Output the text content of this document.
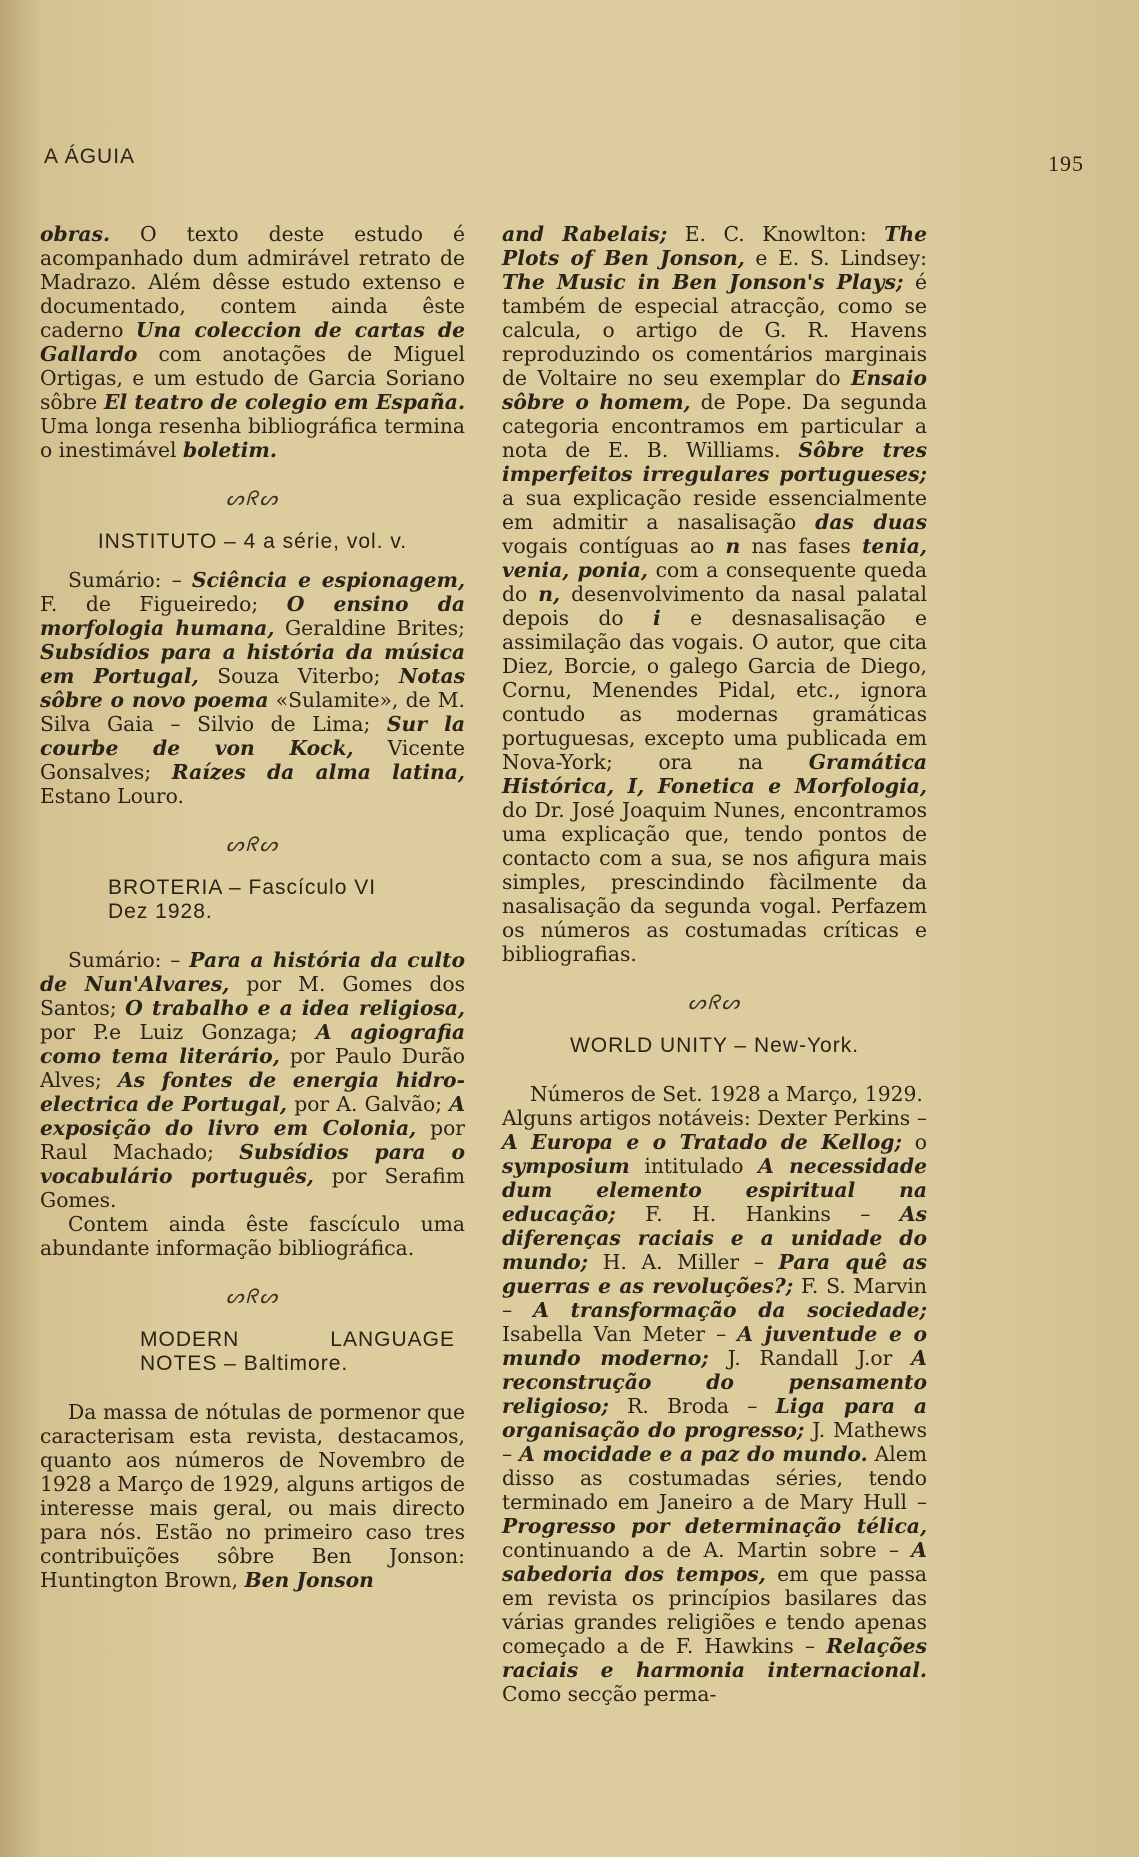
A ÁGUIA	195

obras. O texto deste estudo é acompanhado dum admirável retrato de Madrazo. Além dêsse estudo extenso e documentado, contem ainda êste caderno Una coleccion de cartas de Gallardo com anotações de Miguel Ortigas, e um estudo de Garcia Soriano sôbre El teatro de colegio em España. Uma longa resenha bibliográfica termina o inestimável boletim.

ᔕᖇᔕ
INSTITUTO – 4 a série, vol. v.

Sumário: – Sciência e espionagem, F. de Figueiredo; O ensino da morfologia humana, Geraldine Brites; Subsídios para a história da música em Portugal, Souza Viterbo; Notas sôbre o novo poema «Sulamite», de M. Silva Gaia – Silvio de Lima; Sur la courbe de von Kock, Vicente Gonsalves; Raízes da alma latina, Estano Louro.

ᔕᖇᔕ
BROTERIA – Fascículo VI
Dez 1928.

Sumário: – Para a história da culto de Nun'Alvares, por M. Gomes dos Santos; O trabalho e a idea religiosa, por P.e Luiz Gonzaga; A agiografia como tema literário, por Paulo Durão Alves; As fontes de energia hidro-electrica de Portugal, por A. Galvão; A exposição do livro em Colonia, por Raul Machado; Subsídios para o vocabulário português, por Serafim Gomes.

Contem ainda êste fascículo uma abundante informação bibliográfica.

ᔕᖇᔕ
MODERN LANGUAGE NOTES – Baltimore.

Da massa de nótulas de pormenor que caracterisam esta revista, destacamos, quanto aos números de Novembro de 1928 a Março de 1929, alguns artigos de interesse mais geral, ou mais directo para nós. Estão no primeiro caso tres contribuïções sôbre Ben Jonson: Huntington Brown, Ben Jonson

and Rabelais; E. C. Knowlton: The Plots of Ben Jonson, e E. S. Lindsey: The Music in Ben Jonson's Plays; é também de especial atracção, como se calcula, o artigo de G. R. Havens reproduzindo os comentários marginais de Voltaire no seu exemplar do Ensaio sôbre o homem, de Pope. Da segunda categoria encontramos em particular a nota de E. B. Williams. Sôbre tres imperfeitos irregulares portugueses; a sua explicação reside essencialmente em admitir a nasalisação das duas vogais contíguas ao n nas fases tenia, venia, ponia, com a consequente queda do n, desenvolvimento da nasal palatal depois do i e desnasalisação e assimilação das vogais. O autor, que cita Diez, Borcie, o galego Garcia de Diego, Cornu, Menendes Pidal, etc., ignora contudo as modernas gramáticas portuguesas, excepto uma publicada em Nova-York; ora na Gramática Histórica, I, Fonetica e Morfologia, do Dr. José Joaquim Nunes, encontramos uma explicação que, tendo pontos de contacto com a sua, se nos afigura mais simples, prescindindo fàcilmente da nasalisação da segunda vogal. Perfazem os números as costumadas críticas e bibliografias.

ᔕᖇᔕ
WORLD UNITY – New-York.

Números de Set. 1928 a Março, 1929.

Alguns artigos notáveis: Dexter Perkins – A Europa e o Tratado de Kellog; o symposium intitulado A necessidade dum elemento espiritual na educação; F. H. Hankins – As diferenças raciais e a unidade do mundo; H. A. Miller – Para quê as guerras e as revoluções?; F. S. Marvin – A transformação da sociedade; Isabella Van Meter – A juventude e o mundo moderno; J. Randall J.or A reconstrução do pensamento religioso; R. Broda – Liga para a organisação do progresso; J. Mathews – A mocidade e a paz do mundo. Alem disso as costumadas séries, tendo terminado em Janeiro a de Mary Hull – Progresso por determinação télica, continuando a de A. Martin sobre – A sabedoria dos tempos, em que passa em revista os princípios basilares das várias grandes religiões e tendo apenas começado a de F. Hawkins – Relações raciais e harmonia internacional. Como secção perma-
